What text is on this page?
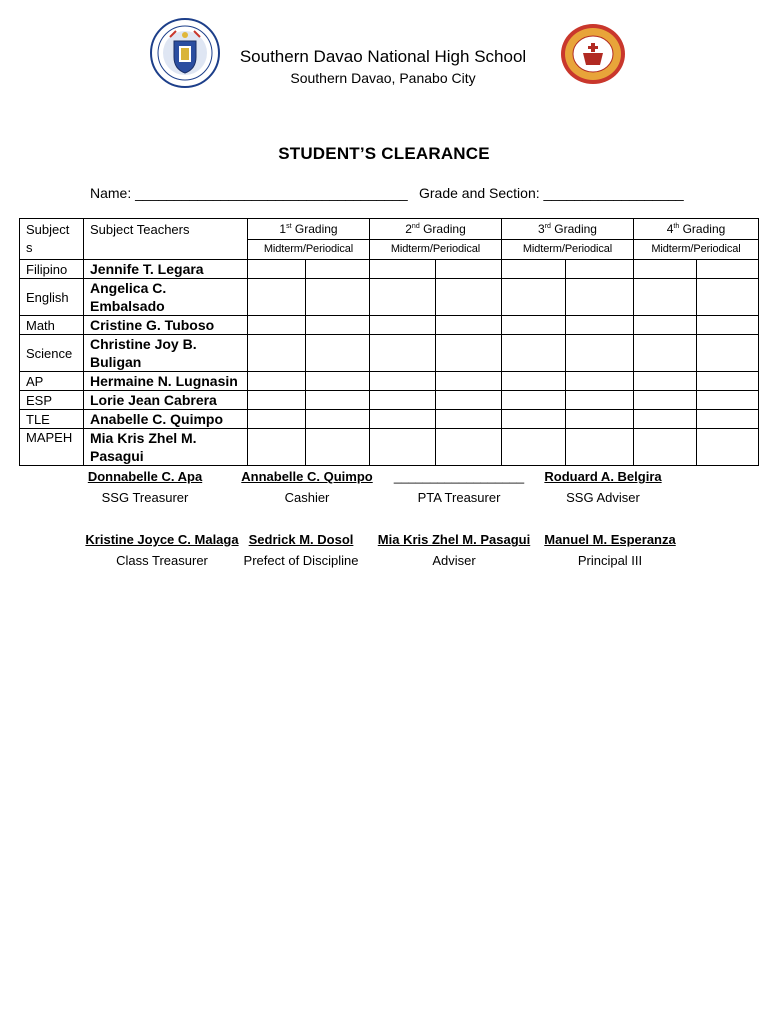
Southern Davao National High School
Southern Davao, Panabo City
STUDENT’S CLEARANCE
Name: ___________________________________ Grade and Section: __________________
Subject
s	Subject Teachers	1st Grading		2nd Grading		3rd Grading		4th Grading	
		Midterm/Periodical		Midterm/Periodical		Midterm/Periodical		Midterm/Periodical	
Filipino	Jennife T. Legara								
English	Angelica C. Embalsado								
Math	Cristine G. Tuboso								
Science	Christine Joy B. Buligan								
AP	Hermaine N. Lugnasin								
ESP	Lorie Jean Cabrera								
TLE	Anabelle C. Quimpo								
MAPEH	Mia Kris Zhel M.
Pasagui								
Donnabelle C. Apa
SSG Treasurer
Annabelle C. Quimpo
Cashier
__________________
PTA Treasurer
Roduard A. Belgira
SSG Adviser
Kristine Joyce C. Malaga
Class Treasurer
Sedrick M. Dosol
Prefect of Discipline
Mia Kris Zhel M. Pasagui
Adviser
Manuel M. Esperanza
Principal III
